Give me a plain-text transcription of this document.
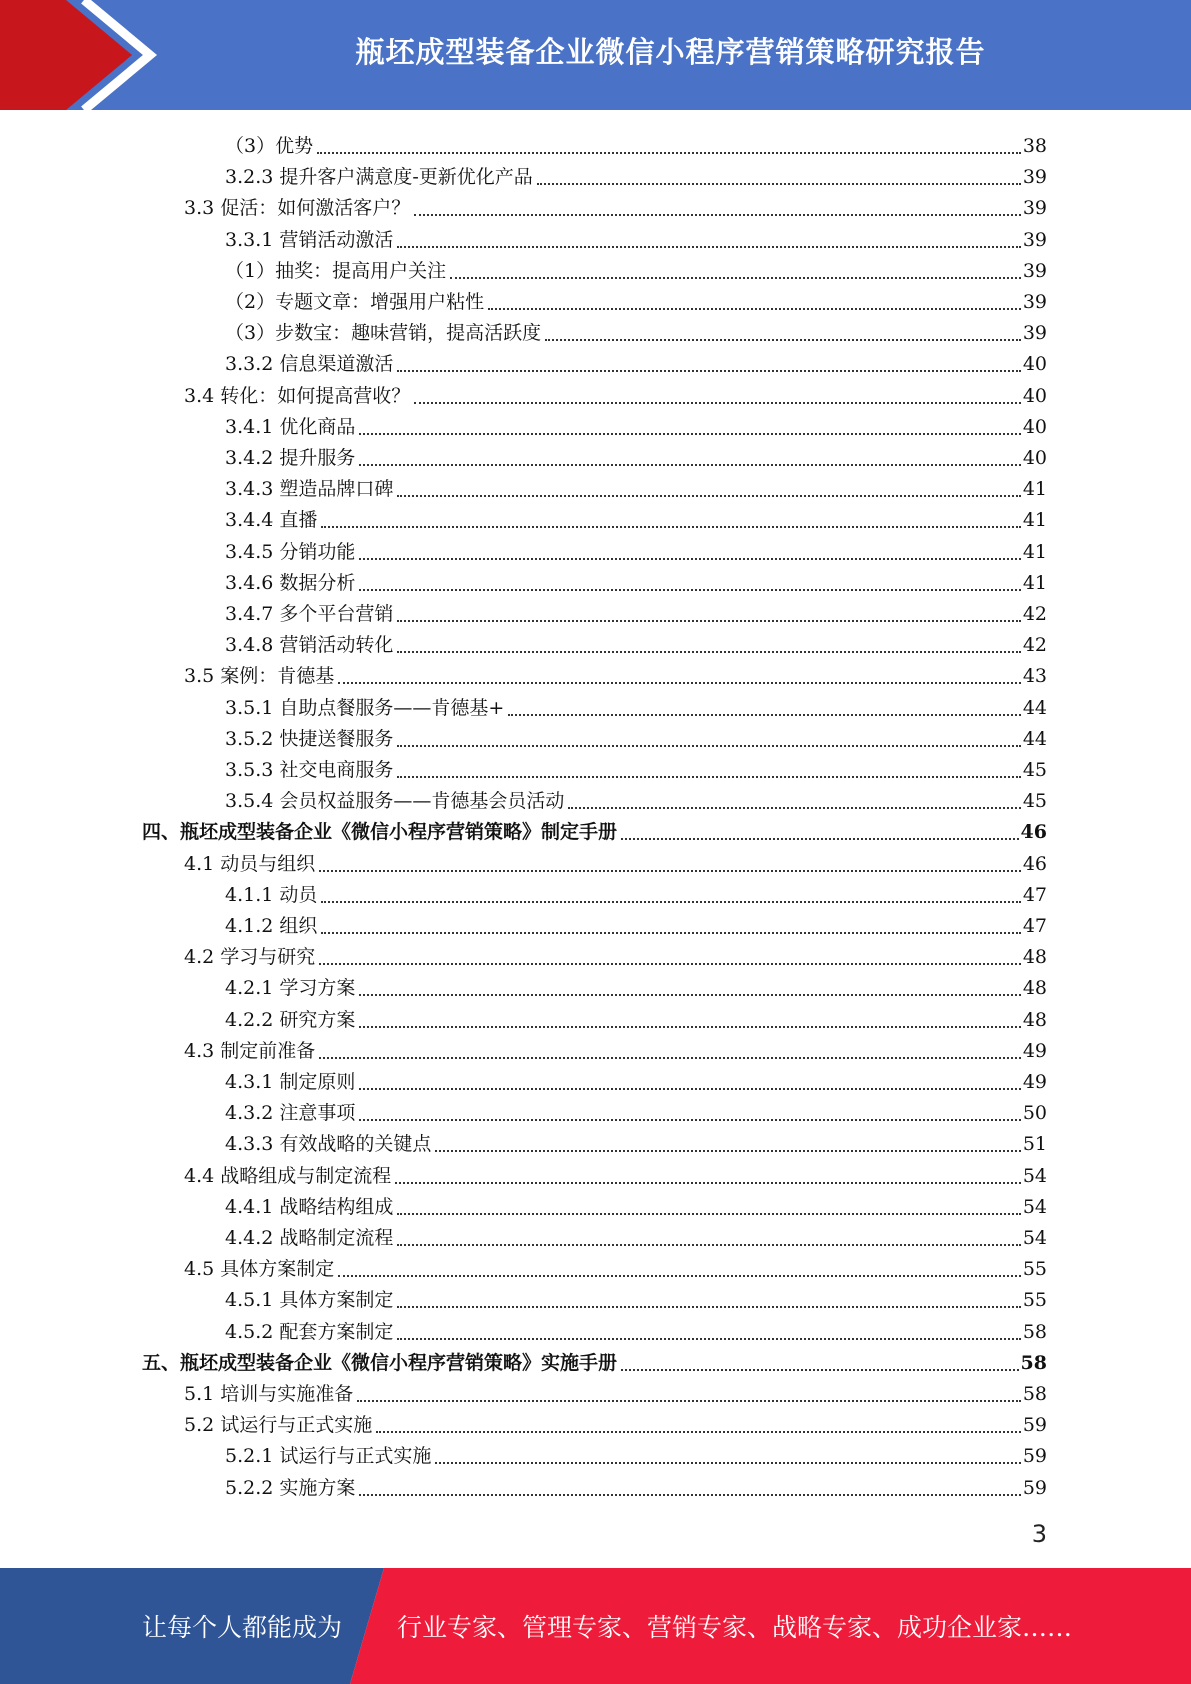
瓶坯成型装备企业微信小程序营销策略研究报告
（3）优势	38
3.2.3 提升客户满意度-更新优化产品	39
3.3 促活：如何激活客户？	39
3.3.1 营销活动激活	39
（1）抽奖：提高用户关注	39
（2）专题文章：增强用户粘性	39
（3）步数宝：趣味营销，提高活跃度	39
3.3.2 信息渠道激活	40
3.4 转化：如何提高营收？	40
3.4.1 优化商品	40
3.4.2 提升服务	40
3.4.3 塑造品牌口碑	41
3.4.4 直播	41
3.4.5 分销功能	41
3.4.6 数据分析	41
3.4.7 多个平台营销	42
3.4.8 营销活动转化	42
3.5 案例：肯德基	43
3.5.1 自助点餐服务——肯德基+	44
3.5.2 快捷送餐服务	44
3.5.3 社交电商服务	45
3.5.4 会员权益服务——肯德基会员活动	45
四、瓶坯成型装备企业《微信小程序营销策略》制定手册	46
4.1 动员与组织	46
4.1.1 动员	47
4.1.2 组织	47
4.2 学习与研究	48
4.2.1 学习方案	48
4.2.2 研究方案	48
4.3 制定前准备	49
4.3.1 制定原则	49
4.3.2 注意事项	50
4.3.3 有效战略的关键点	51
4.4 战略组成与制定流程	54
4.4.1 战略结构组成	54
4.4.2 战略制定流程	54
4.5 具体方案制定	55
4.5.1 具体方案制定	55
4.5.2 配套方案制定	58
五、瓶坯成型装备企业《微信小程序营销策略》实施手册	58
5.1 培训与实施准备	58
5.2 试运行与正式实施	59
5.2.1 试运行与正式实施	59
5.2.2 实施方案	59
3
让每个人都能成为 行业专家、管理专家、营销专家、战略专家、成功企业家……
